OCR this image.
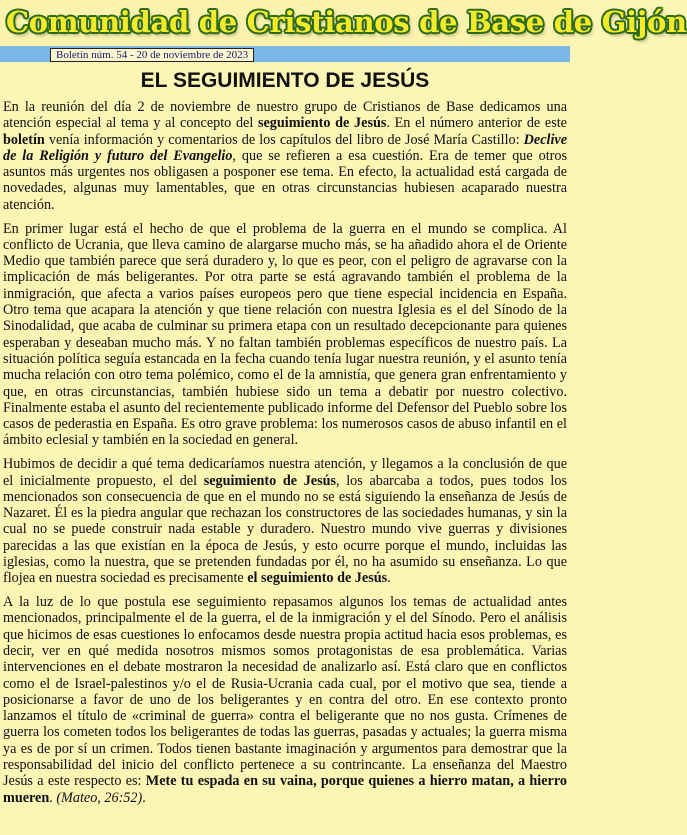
Comunidad de Cristianos de Base de Gijón
Boletín núm. 54 - 20 de noviembre de 2023
EL SEGUIMIENTO DE JESÚS

En la reunión del día 2 de noviembre de nuestro grupo de Cristianos de Base dedicamos una atención especial al tema y al concepto del seguimiento de Jesús. En el número anterior de este boletín venía información y comentarios de los capítulos del libro de José María Castillo: Declive de la Religión y futuro del Evangelio, que se refieren a esa cuestión. Era de temer que otros asuntos más urgentes nos obligasen a posponer ese tema. En efecto, la actualidad está cargada de novedades, algunas muy lamentables, que en otras circunstancias hubiesen acaparado nuestra atención.

En primer lugar está el hecho de que el problema de la guerra en el mundo se complica. Al conflicto de Ucrania, que lleva camino de alargarse mucho más, se ha añadido ahora el de Oriente Medio que también parece que será duradero y, lo que es peor, con el peligro de agravarse con la implicación de más beligerantes. Por otra parte se está agravando también el problema de la inmigración, que afecta a varios países europeos pero que tiene especial incidencia en España. Otro tema que acapara la atención y que tiene relación con nuestra Iglesia es el del Sínodo de la Sinodalidad, que acaba de culminar su primera etapa con un resultado decepcionante para quienes esperaban y deseaban mucho más. Y no faltan también problemas específicos de nuestro país. La situación política seguía estancada en la fecha cuando tenía lugar nuestra reunión, y el asunto tenía mucha relación con otro tema polémico, como el de la amnistía, que genera gran enfrentamiento y que, en otras circunstancias, también hubiese sido un tema a debatir por nuestro colectivo. Finalmente estaba el asunto del recientemente publicado informe del Defensor del Pueblo sobre los casos de pederastia en España. Es otro grave problema: los numerosos casos de abuso infantil en el ámbito eclesial y también en la sociedad en general.

Hubimos de decidir a qué tema dedicaríamos nuestra atención, y llegamos a la conclusión de que el inicialmente propuesto, el del seguimiento de Jesús, los abarcaba a todos, pues todos los mencionados son consecuencia de que en el mundo no se está siguiendo la enseñanza de Jesús de Nazaret. Él es la piedra angular que rechazan los constructores de las sociedades humanas, y sin la cual no se puede construir nada estable y duradero. Nuestro mundo vive guerras y divisiones parecidas a las que existían en la época de Jesús, y esto ocurre porque el mundo, incluidas las iglesias, como la nuestra, que se pretenden fundadas por él, no ha asumido su enseñanza. Lo que flojea en nuestra sociedad es precisamente el seguimiento de Jesús.

A la luz de lo que postula ese seguimiento repasamos algunos los temas de actualidad antes mencionados, principalmente el de la guerra, el de la inmigración y el del Sínodo. Pero el análisis que hicimos de esas cuestiones lo enfocamos desde nuestra propia actitud hacia esos problemas, es decir, ver en qué medida nosotros mismos somos protagonistas de esa problemática. Varias intervenciones en el debate mostraron la necesidad de analizarlo así. Está claro que en conflictos como el de Israel-palestinos y/o el de Rusia-Ucrania cada cual, por el motivo que sea, tiende a posicionarse a favor de uno de los beligerantes y en contra del otro. En ese contexto pronto lanzamos el título de «criminal de guerra» contra el beligerante que no nos gusta. Crímenes de guerra los cometen todos los beligerantes de todas las guerras, pasadas y actuales; la guerra misma ya es de por sí un crimen. Todos tienen bastante imaginación y argumentos para demostrar que la responsabilidad del inicio del conflicto pertenece a su contrincante. La enseñanza del Maestro Jesús a este respecto es: Mete tu espada en su vaina, porque quienes a hierro matan, a hierro mueren. (Mateo, 26:52).
